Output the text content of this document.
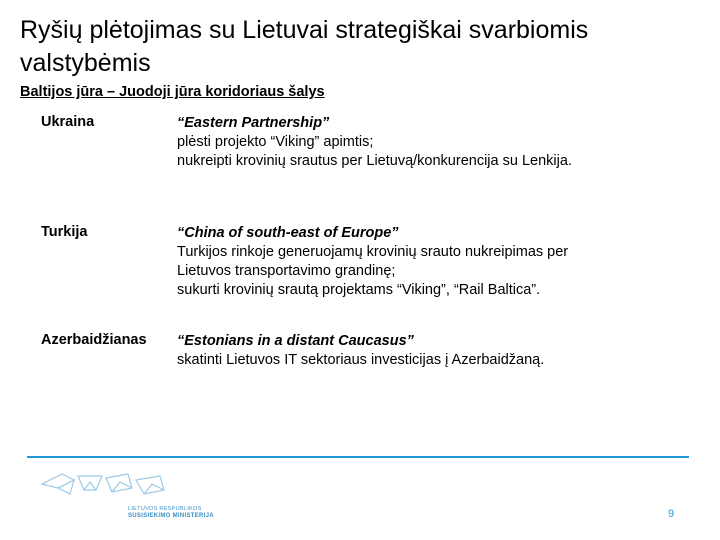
Ryšių plėtojimas su Lietuvai strategiškai svarbiomis valstybėmis
Baltijos jūra – Juodoji jūra koridoriaus šalys
Ukraina	“Eastern Partnership”
plėsti projekto “Viking” apimtis;
nukreipti krovinių srautus per Lietuvą/konkurencija su Lenkija.
Turkija	“China of south-east of Europe”
Turkijos rinkoje generuojamų krovinių srauto nukreipimas per
Lietuvos transportavimo grandinę;
sukurti krovinių srautą projektams “Viking”, “Rail Baltica”.
Azerbaidžianas “Estonians in a distant Caucasus”
skatinti Lietuvos IT sektoriaus investicijas į Azerbaidžaną.
LIETUVOS RESPUBLIKOS
SUSISIEKIMO MINISTERIJA	9
